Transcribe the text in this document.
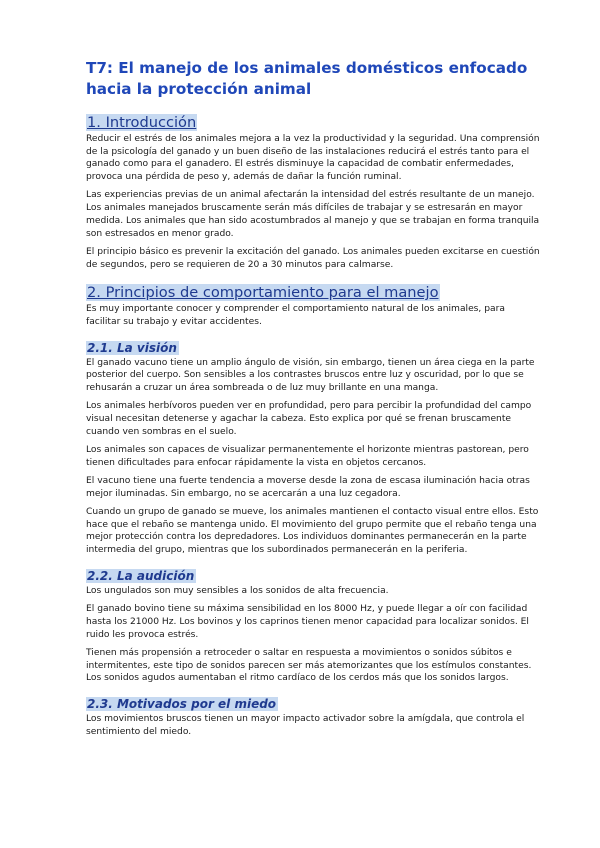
T7: El manejo de los animales domésticos enfocado hacia la protección animal
1. Introducción

Reducir el estrés de los animales mejora a la vez la productividad y la seguridad. Una comprensión de la psicología del ganado y un buen diseño de las instalaciones reducirá el estrés tanto para el ganado como para el ganadero. El estrés disminuye la capacidad de combatir enfermedades, provoca una pérdida de peso y, además de dañar la función ruminal.

Las experiencias previas de un animal afectarán la intensidad del estrés resultante de un manejo. Los animales manejados bruscamente serán más difíciles de trabajar y se estresarán en mayor medida. Los animales que han sido acostumbrados al manejo y que se trabajan en forma tranquila son estresados en menor grado.

El principio básico es prevenir la excitación del ganado. Los animales pueden excitarse en cuestión de segundos, pero se requieren de 20 a 30 minutos para calmarse.

2. Principios de comportamiento para el manejo

Es muy importante conocer y comprender el comportamiento natural de los animales, para facilitar su trabajo y evitar accidentes.

2.1. La visión

El ganado vacuno tiene un amplio ángulo de visión, sin embargo, tienen un área ciega en la parte posterior del cuerpo. Son sensibles a los contrastes bruscos entre luz y oscuridad, por lo que se rehusarán a cruzar un área sombreada o de luz muy brillante en una manga.

Los animales herbívoros pueden ver en profundidad, pero para percibir la profundidad del campo visual necesitan detenerse y agachar la cabeza. Esto explica por qué se frenan bruscamente cuando ven sombras en el suelo.

Los animales son capaces de visualizar permanentemente el horizonte mientras pastorean, pero tienen dificultades para enfocar rápidamente la vista en objetos cercanos.

El vacuno tiene una fuerte tendencia a moverse desde la zona de escasa iluminación hacia otras mejor iluminadas. Sin embargo, no se acercarán a una luz cegadora.

Cuando un grupo de ganado se mueve, los animales mantienen el contacto visual entre ellos. Esto hace que el rebaño se mantenga unido. El movimiento del grupo permite que el rebaño tenga una mejor protección contra los depredadores. Los individuos dominantes permanecerán en la parte intermedia del grupo, mientras que los subordinados permanecerán en la periferia.

2.2. La audición

Los ungulados son muy sensibles a los sonidos de alta frecuencia.

El ganado bovino tiene su máxima sensibilidad en los 8000 Hz, y puede llegar a oír con facilidad hasta los 21000 Hz. Los bovinos y los caprinos tienen menor capacidad para localizar sonidos. El ruido les provoca estrés.

Tienen más propensión a retroceder o saltar en respuesta a movimientos o sonidos súbitos e intermitentes, este tipo de sonidos parecen ser más atemorizantes que los estímulos constantes. Los sonidos agudos aumentaban el ritmo cardíaco de los cerdos más que los sonidos largos.

2.3. Motivados por el miedo

Los movimientos bruscos tienen un mayor impacto activador sobre la amígdala, que controla el sentimiento del miedo.
